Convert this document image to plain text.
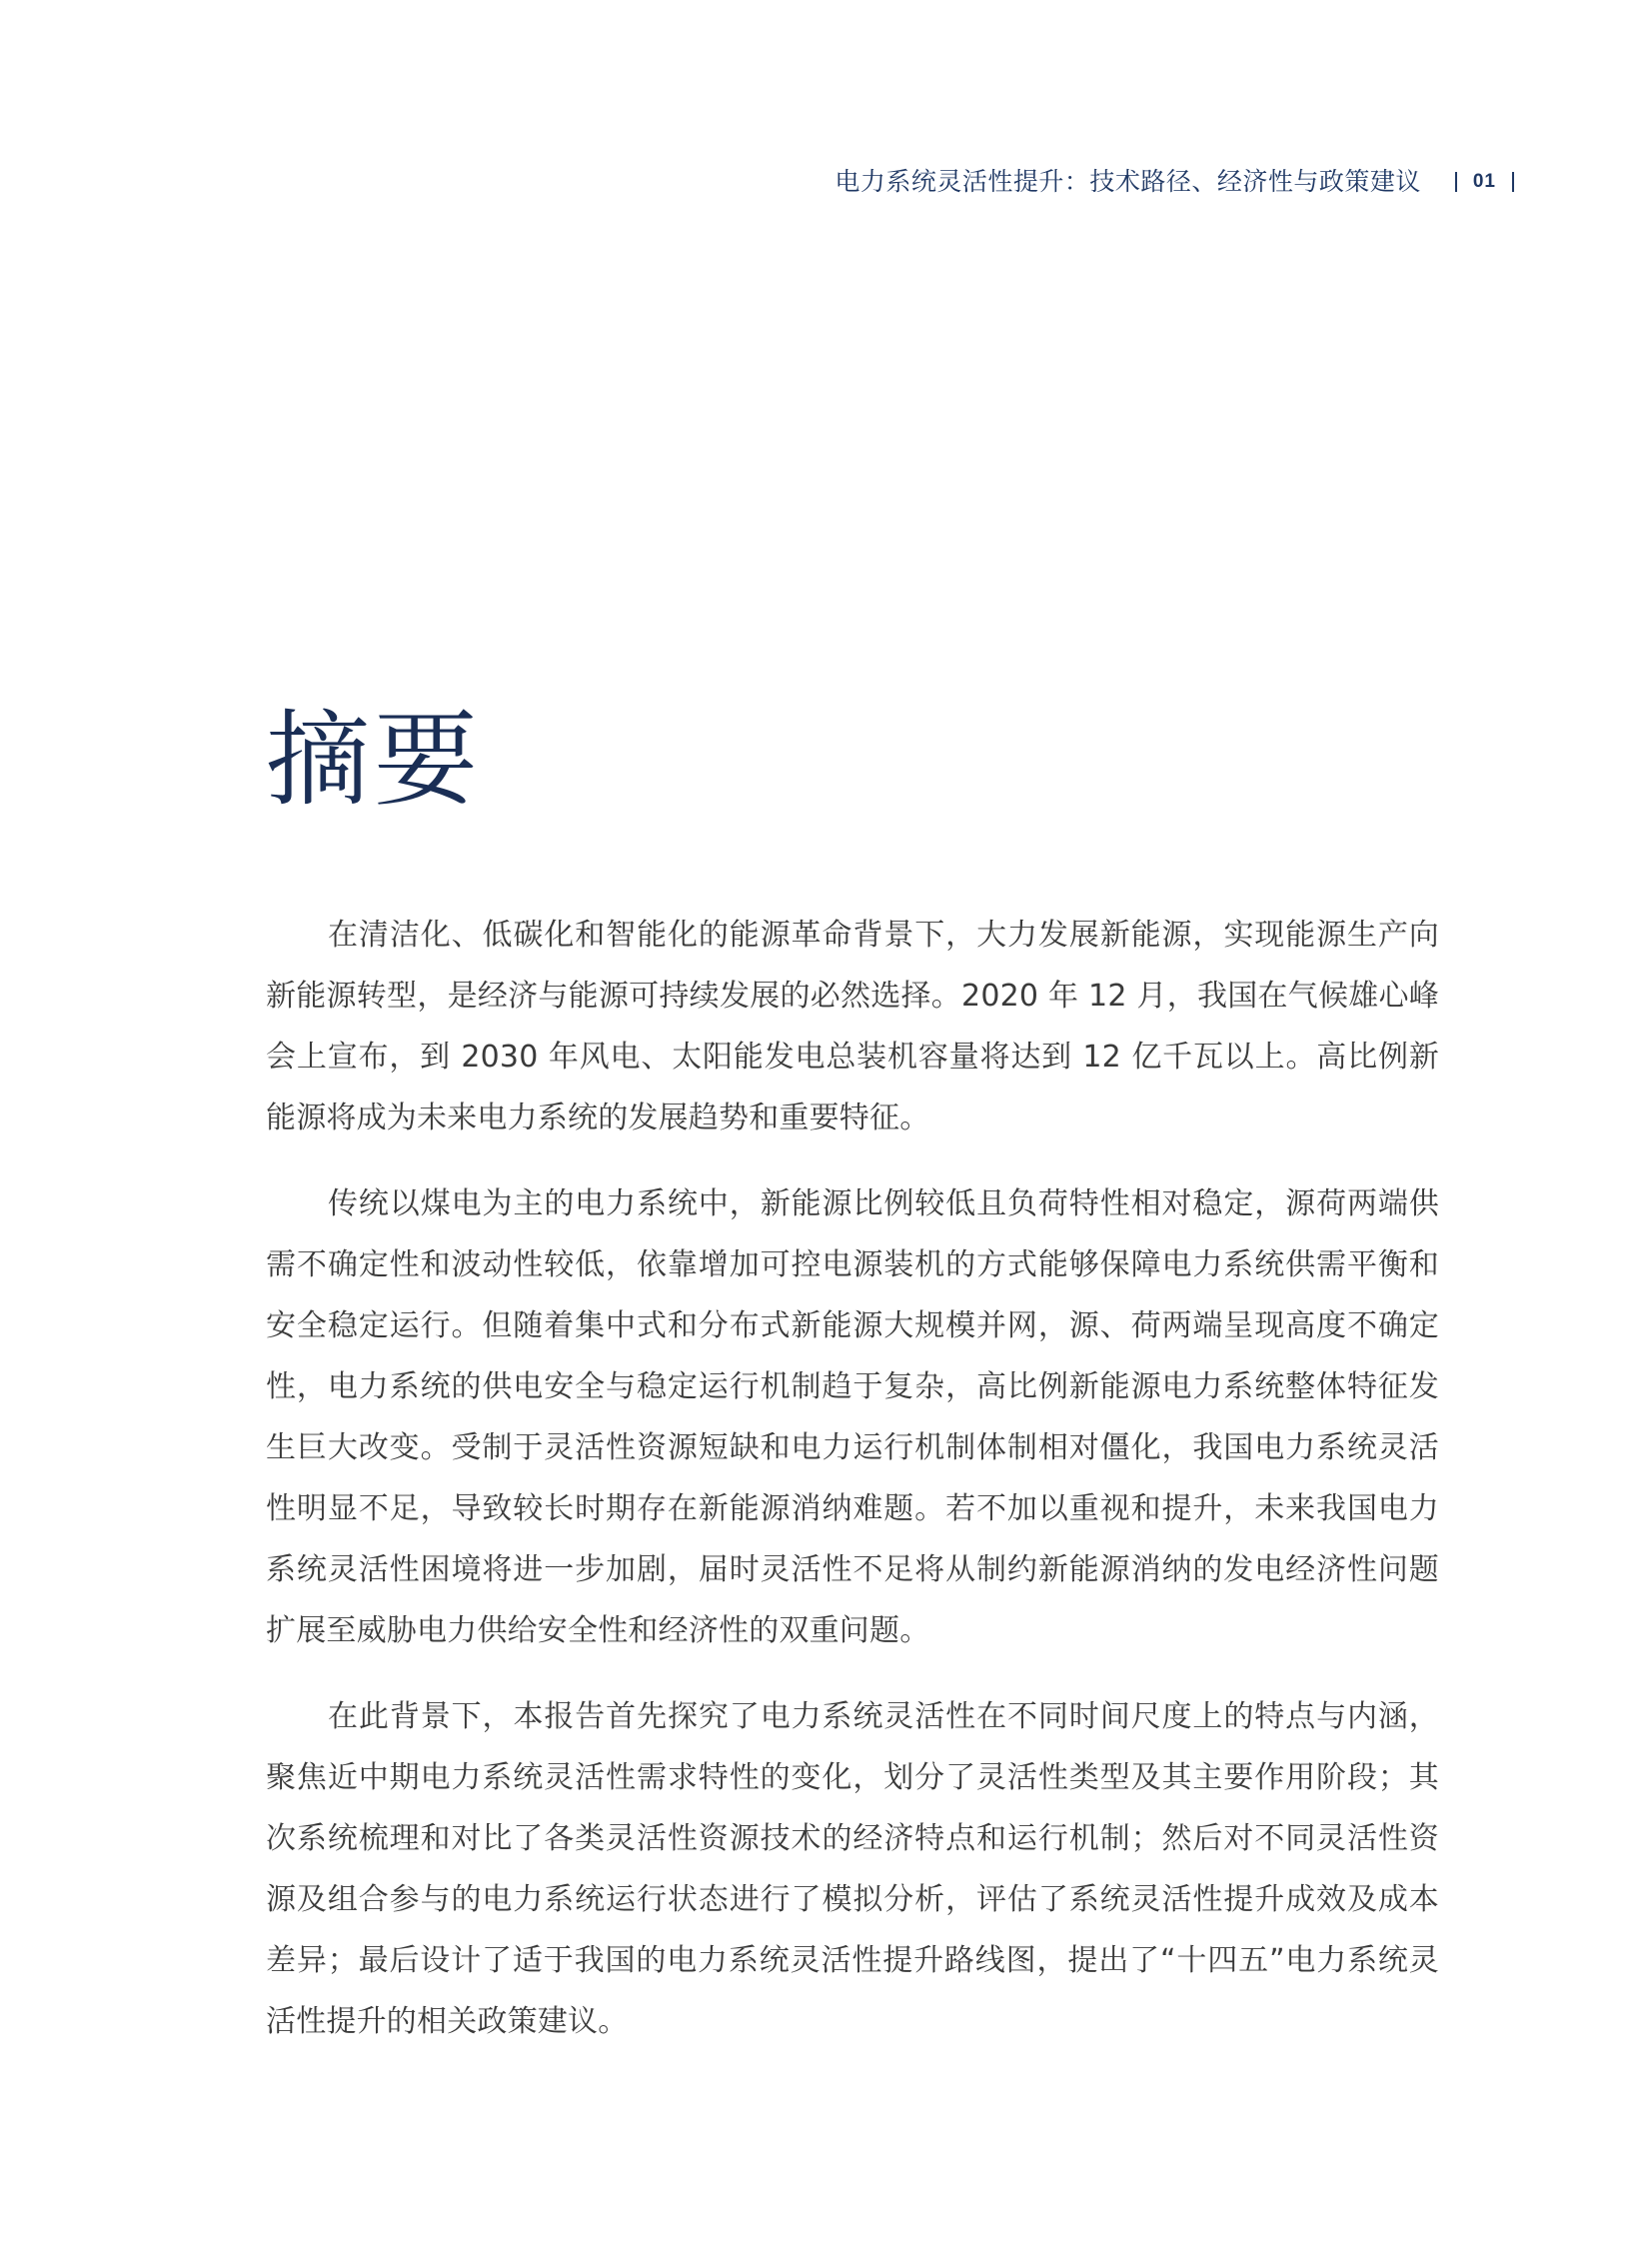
电力系统灵活性提升：技术路径、经济性与政策建议	01
摘要

在清洁化、低碳化和智能化的能源革命背景下，大力发展新能源，实现能源生产向新能源转型，是经济与能源可持续发展的必然选择。2020 年 12 月，我国在气候雄心峰会上宣布，到 2030 年风电、太阳能发电总装机容量将达到 12 亿千瓦以上。高比例新能源将成为未来电力系统的发展趋势和重要特征。

传统以煤电为主的电力系统中，新能源比例较低且负荷特性相对稳定，源荷两端供需不确定性和波动性较低，依靠增加可控电源装机的方式能够保障电力系统供需平衡和安全稳定运行。但随着集中式和分布式新能源大规模并网，源、荷两端呈现高度不确定性，电力系统的供电安全与稳定运行机制趋于复杂，高比例新能源电力系统整体特征发生巨大改变。受制于灵活性资源短缺和电力运行机制体制相对僵化，我国电力系统灵活性明显不足，导致较长时期存在新能源消纳难题。若不加以重视和提升，未来我国电力系统灵活性困境将进一步加剧，届时灵活性不足将从制约新能源消纳的发电经济性问题扩展至威胁电力供给安全性和经济性的双重问题。

在此背景下，本报告首先探究了电力系统灵活性在不同时间尺度上的特点与内涵，聚焦近中期电力系统灵活性需求特性的变化，划分了灵活性类型及其主要作用阶段；其次系统梳理和对比了各类灵活性资源技术的经济特点和运行机制；然后对不同灵活性资源及组合参与的电力系统运行状态进行了模拟分析，评估了系统灵活性提升成效及成本差异；最后设计了适于我国的电力系统灵活性提升路线图，提出了“十四五”电力系统灵活性提升的相关政策建议。
